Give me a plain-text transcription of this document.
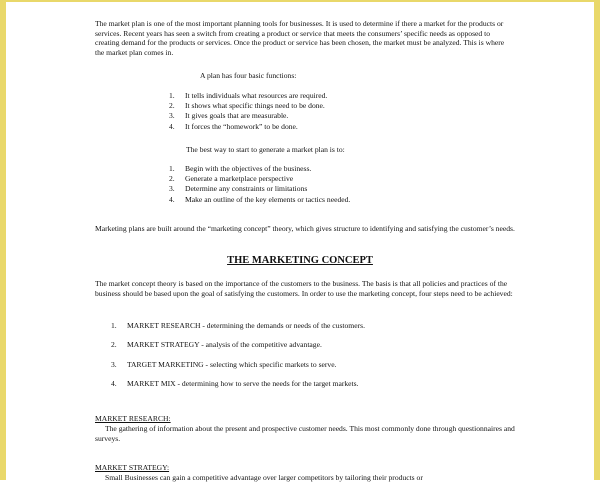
The market plan is one of the most important planning tools for businesses. It is used to determine if there a market for the products or services. Recent years has seen a switch from creating a product or service that meets the consumers’ specific needs as opposed to creating demand for the products or services. Once the product or service has been chosen, the market must be analyzed. This is where the market plan comes in.

A plan has four basic functions:

1. It tells individuals what resources are required.
2. It shows what specific things need to be done.
3. It gives goals that are measurable.
4. It forces the “homework” to be done.

The best way to start to generate a market plan is to:

1. Begin with the objectives of the business.
2. Generate a marketplace perspective
3. Determine any constraints or limitations
4. Make an outline of the key elements or tactics needed.

Marketing plans are built around the “marketing concept” theory, which gives structure to identifying and satisfying the customer’s needs.

THE MARKETING CONCEPT

The market concept theory is based on the importance of the customers to the business. The basis is that all policies and practices of the business should be based upon the goal of satisfying the customers. In order to use the marketing concept, four steps need to be achieved:

1. MARKET RESEARCH - determining the demands or needs of the customers.
2. MARKET STRATEGY - analysis of the competitive advantage.
3. TARGET MARKETING - selecting which specific markets to serve.
4. MARKET MIX - determining how to serve the needs for the target markets.
MARKET RESEARCH:

The gathering of information about the present and prospective customer needs. This most commonly done through questionnaires and surveys.

MARKET STRATEGY:

Small Businesses can gain a competitive advantage over larger competitors by tailoring their products or
